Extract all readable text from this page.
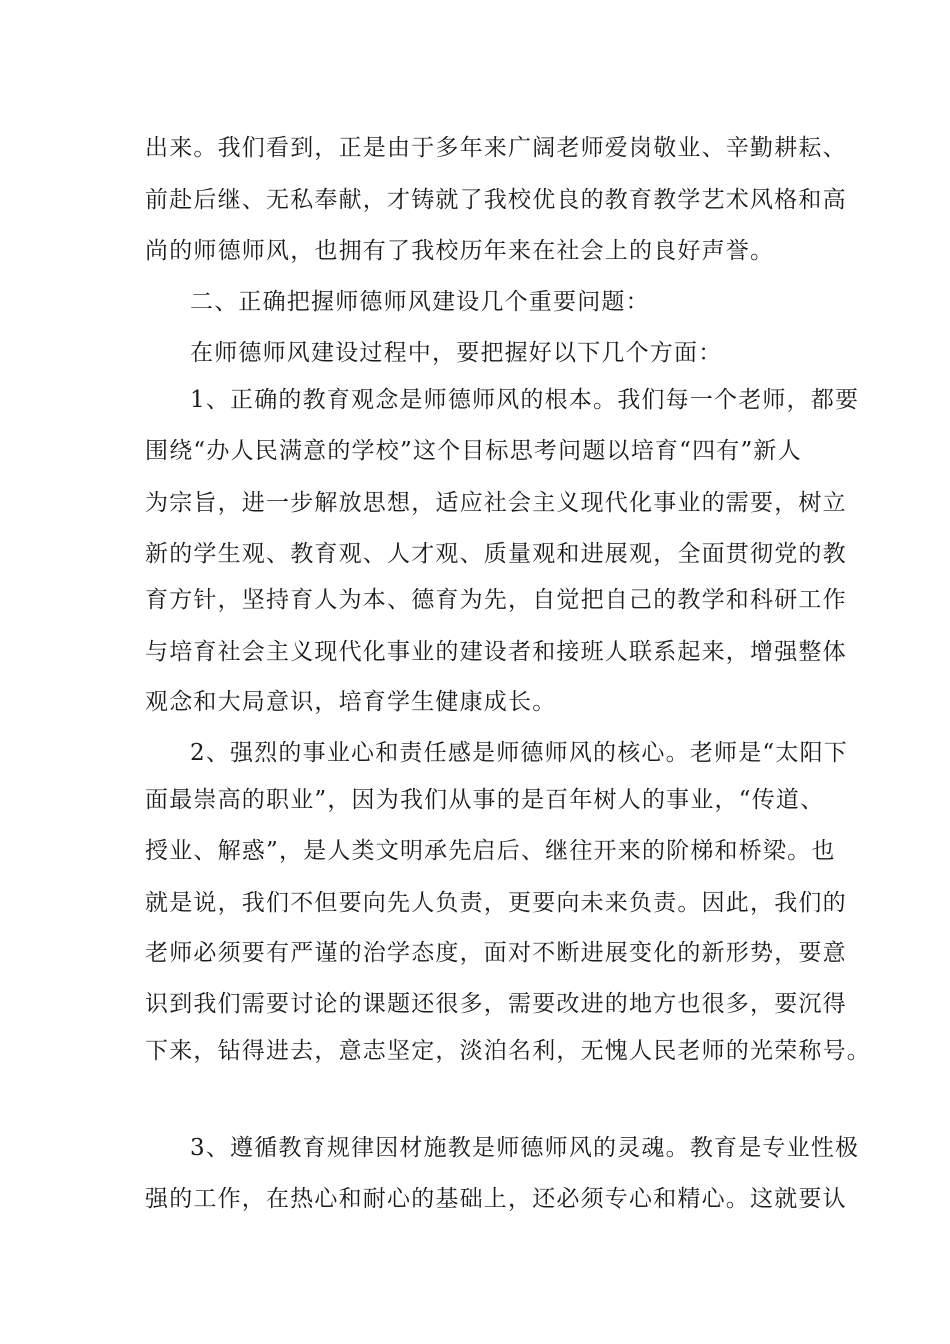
出来。我们看到，正是由于多年来广阔老师爱岗敬业、辛勤耕耘、
前赴后继、无私奉献，才铸就了我校优良的教育教学艺术风格和高
尚的师德师风，也拥有了我校历年来在社会上的良好声誉。
二、正确把握师德师风建设几个重要问题：
在师德师风建设过程中，要把握好以下几个方面：
1、正确的教育观念是师德师风的根本。我们每一个老师，都要
围绕“办人民满意的学校”这个目标思考问题以培育“四有”新人
为宗旨，进一步解放思想，适应社会主义现代化事业的需要，树立
新的学生观、教育观、人才观、质量观和进展观，全面贯彻党的教
育方针，坚持育人为本、德育为先，自觉把自己的教学和科研工作
与培育社会主义现代化事业的建设者和接班人联系起来，增强整体
观念和大局意识，培育学生健康成长。
2、强烈的事业心和责任感是师德师风的核心。老师是“太阳下
面最崇高的职业”，因为我们从事的是百年树人的事业，“传道、
授业、解惑”，是人类文明承先启后、继往开来的阶梯和桥梁。也
就是说，我们不但要向先人负责，更要向未来负责。因此，我们的
老师必须要有严谨的治学态度，面对不断进展变化的新形势，要意
识到我们需要讨论的课题还很多，需要改进的地方也很多，要沉得
下来，钻得进去，意志坚定，淡泊名利，无愧人民老师的光荣称号。
3、遵循教育规律因材施教是师德师风的灵魂。教育是专业性极
强的工作，在热心和耐心的基础上，还必须专心和精心。这就要认
